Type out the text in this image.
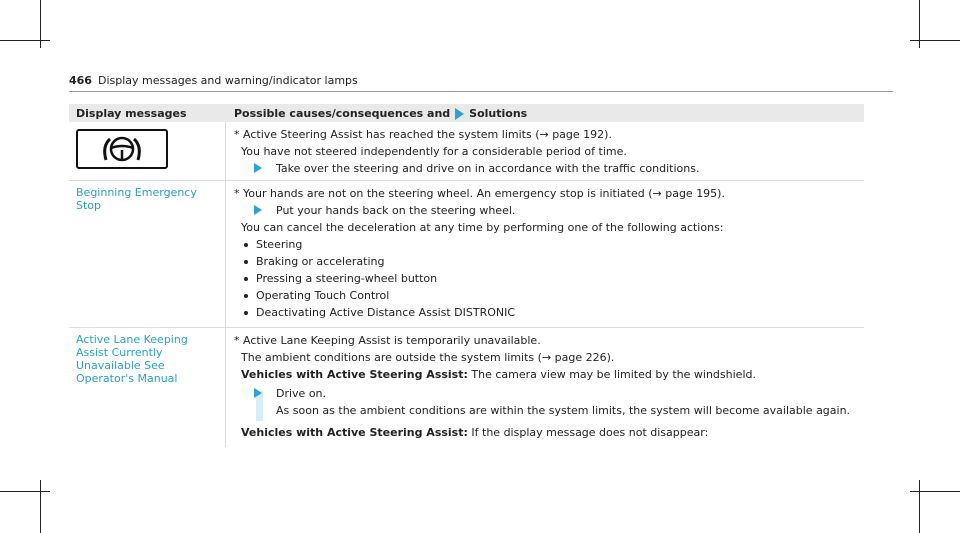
466 Display messages and warning/indicator lamps
Display messages	Possible causes/consequences and Solutions
* Active Steering Assist has reached the system limits (→ page 192).
You have not steered independently for a considerable period of time.
Take over the steering and drive on in accordance with the traffic conditions.
Beginning Emergency Stop
* Your hands are not on the steering wheel. An emergency stop is initiated (→ page 195).
Put your hands back on the steering wheel.
You can cancel the deceleration at any time by performing one of the following actions:
Steering
Braking or accelerating
Pressing a steering-wheel button
Operating Touch Control
Deactivating Active Distance Assist DISTRONIC
Active Lane Keeping Assist Currently Unavailable See Operator's Manual
* Active Lane Keeping Assist is temporarily unavailable.
The ambient conditions are outside the system limits (→ page 226).
Vehicles with Active Steering Assist: The camera view may be limited by the windshield.
Drive on.
As soon as the ambient conditions are within the system limits, the system will become available again.
Vehicles with Active Steering Assist: If the display message does not disappear:
